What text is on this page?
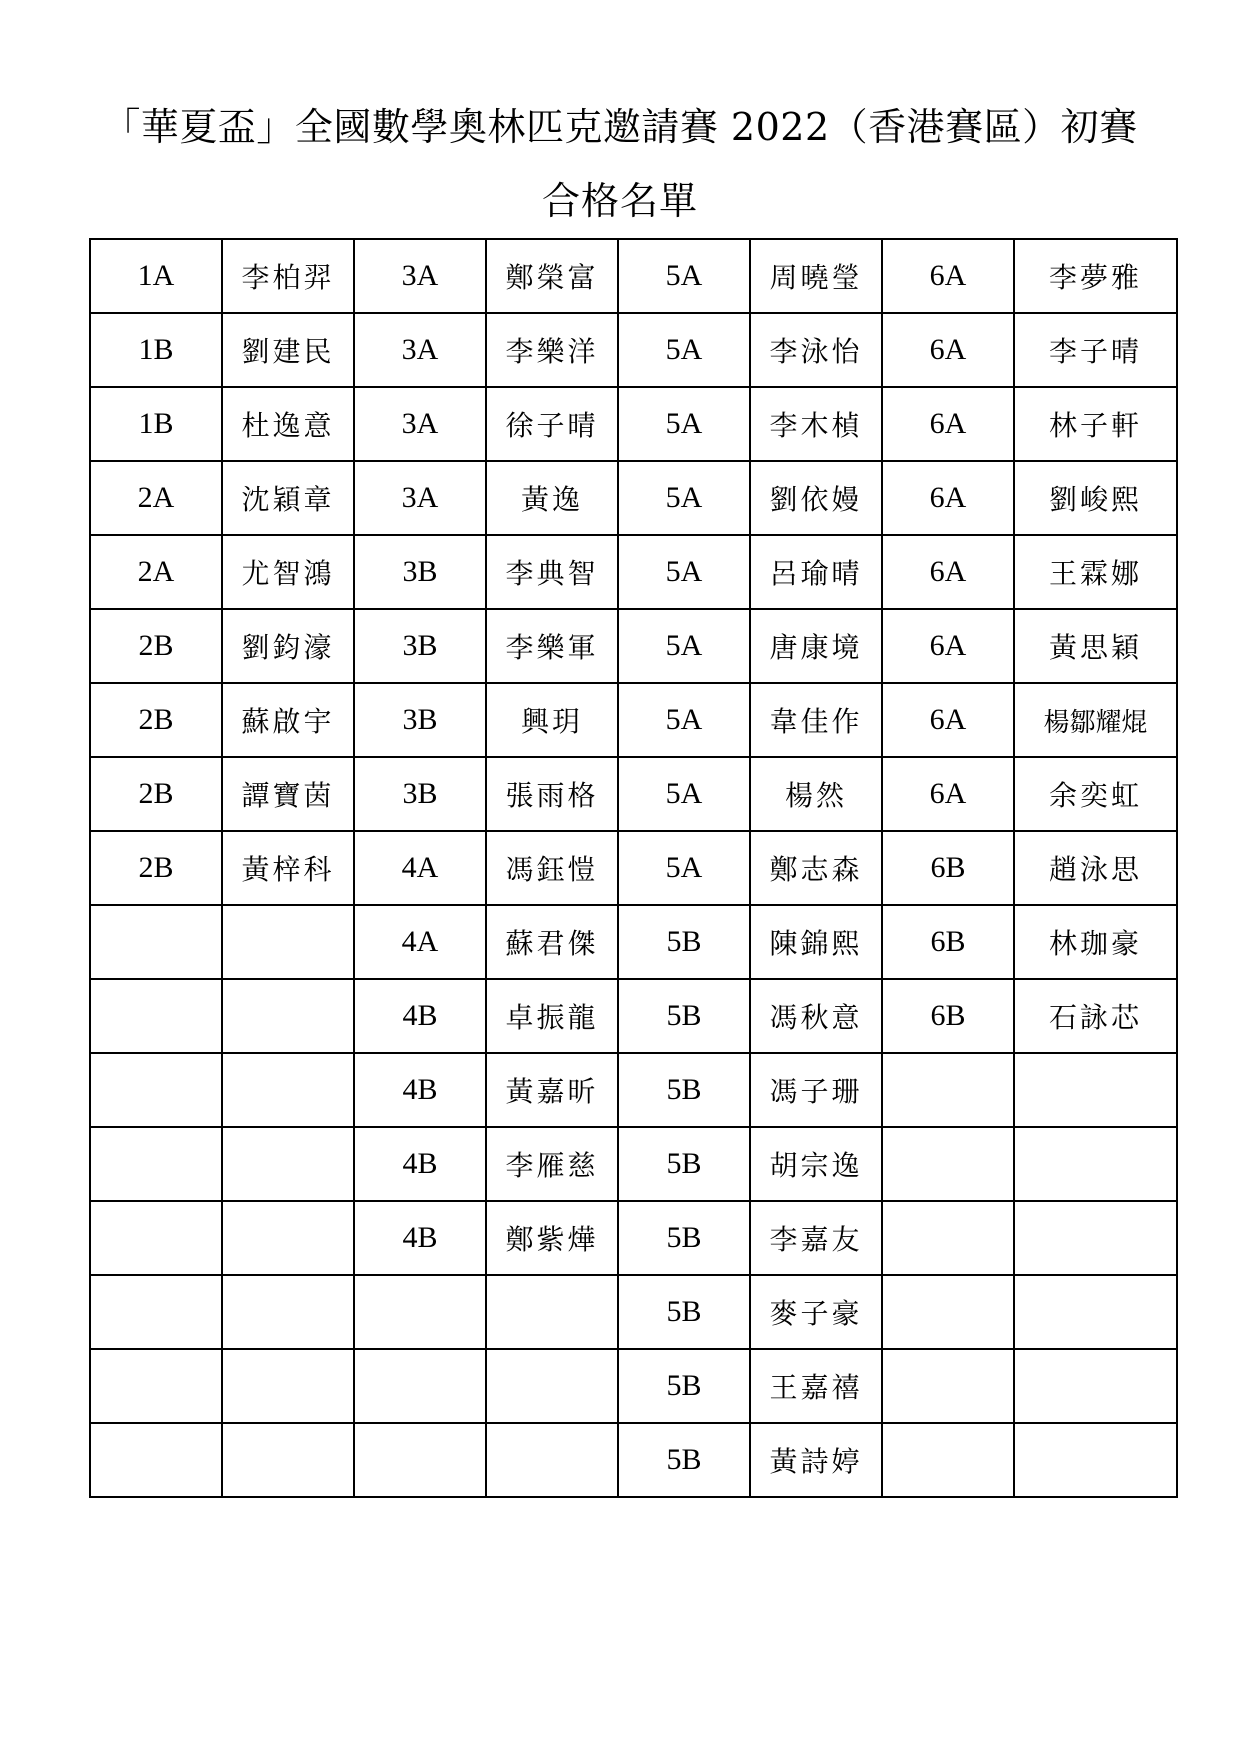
「華夏盃」全國數學奧林匹克邀請賽 2022（香港賽區）初賽
合格名單
1A	李柏羿	3A	鄭榮富	5A	周曉瑩	6A	李夢雅
1B	劉建民	3A	李樂洋	5A	李泳怡	6A	李子晴
1B	杜逸意	3A	徐子晴	5A	李木楨	6A	林子軒
2A	沈穎章	3A	黃逸	5A	劉依嫚	6A	劉峻熙
2A	尤智鴻	3B	李典智	5A	呂瑜晴	6A	王霖娜
2B	劉鈞濠	3B	李樂軍	5A	唐康境	6A	黃思穎
2B	蘇啟宇	3B	興玥	5A	韋佳作	6A	楊鄒耀焜
2B	譚寶茵	3B	張雨格	5A	楊然	6A	余奕虹
2B	黃梓科	4A	馮鈺愷	5A	鄭志森	6B	趙泳思
		4A	蘇君傑	5B	陳錦熙	6B	林珈豪
		4B	卓振龍	5B	馮秋意	6B	石詠芯
		4B	黃嘉昕	5B	馮子珊		
		4B	李雁慈	5B	胡宗逸		
		4B	鄭紫燁	5B	李嘉友		
				5B	麥子豪		
				5B	王嘉禧		
				5B	黃詩婷		
